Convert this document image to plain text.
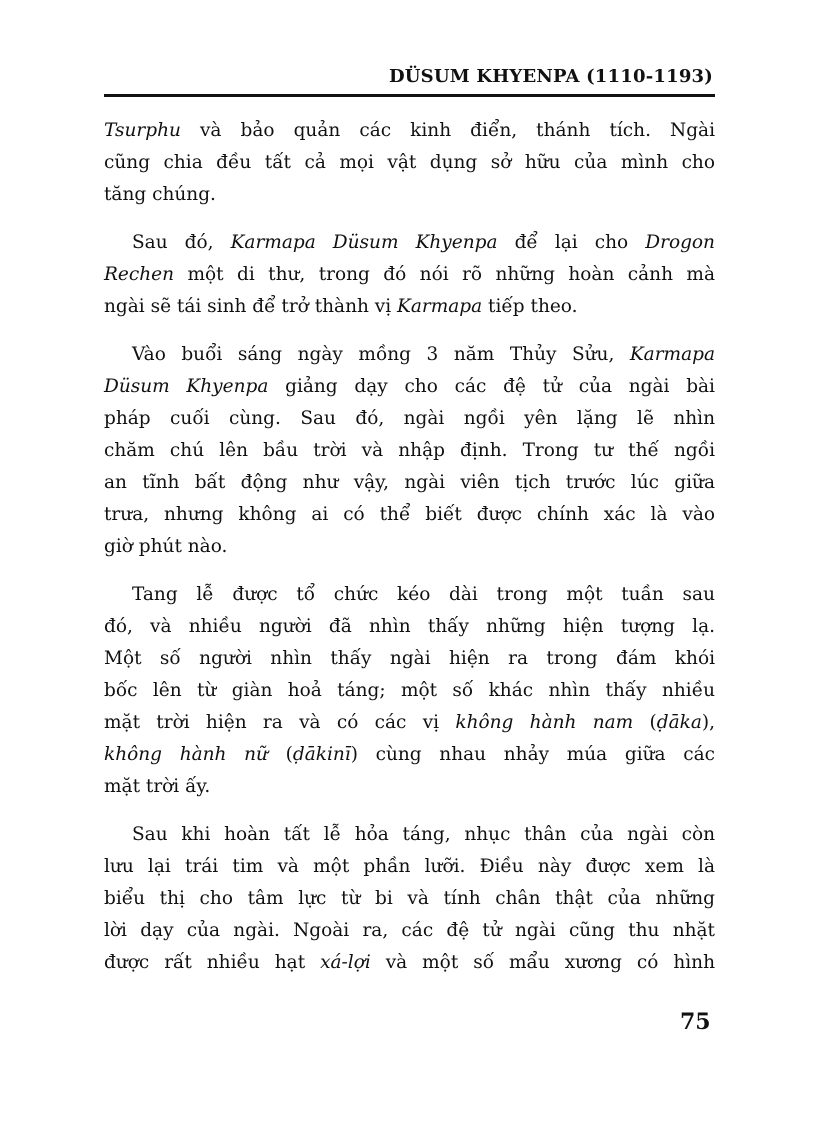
DÜSUM KHYENPA (1110-1193)
Tsurphu và bảo quản các kinh điển, thánh tích. Ngài
cũng chia đều tất cả mọi vật dụng sở hữu của mình cho
tăng chúng.
Sau đó, Karmapa Düsum Khyenpa để lại cho Drogon
Rechen một di thư, trong đó nói rõ những hoàn cảnh mà
ngài sẽ tái sinh để trở thành vị Karmapa tiếp theo.
Vào buổi sáng ngày mồng 3 năm Thủy Sửu, Karmapa
Düsum Khyenpa giảng dạy cho các đệ tử của ngài bài
pháp cuối cùng. Sau đó, ngài ngồi yên lặng lẽ nhìn
chăm chú lên bầu trời và nhập định. Trong tư thế ngồi
an tĩnh bất động như vậy, ngài viên tịch trước lúc giữa
trưa, nhưng không ai có thể biết được chính xác là vào
giờ phút nào.
Tang lễ được tổ chức kéo dài trong một tuần sau
đó, và nhiều người đã nhìn thấy những hiện tượng lạ.
Một số người nhìn thấy ngài hiện ra trong đám khói
bốc lên từ giàn hoả táng; một số khác nhìn thấy nhiều
mặt trời hiện ra và có các vị không hành nam (ḍāka),
không hành nữ (ḍākinī) cùng nhau nhảy múa giữa các
mặt trời ấy.
Sau khi hoàn tất lễ hỏa táng, nhục thân của ngài còn
lưu lại trái tim và một phần lưỡi. Điều này được xem là
biểu thị cho tâm lực từ bi và tính chân thật của những
lời dạy của ngài. Ngoài ra, các đệ tử ngài cũng thu nhặt
được rất nhiều hạt xá-lợi và một số mẩu xương có hình
75
